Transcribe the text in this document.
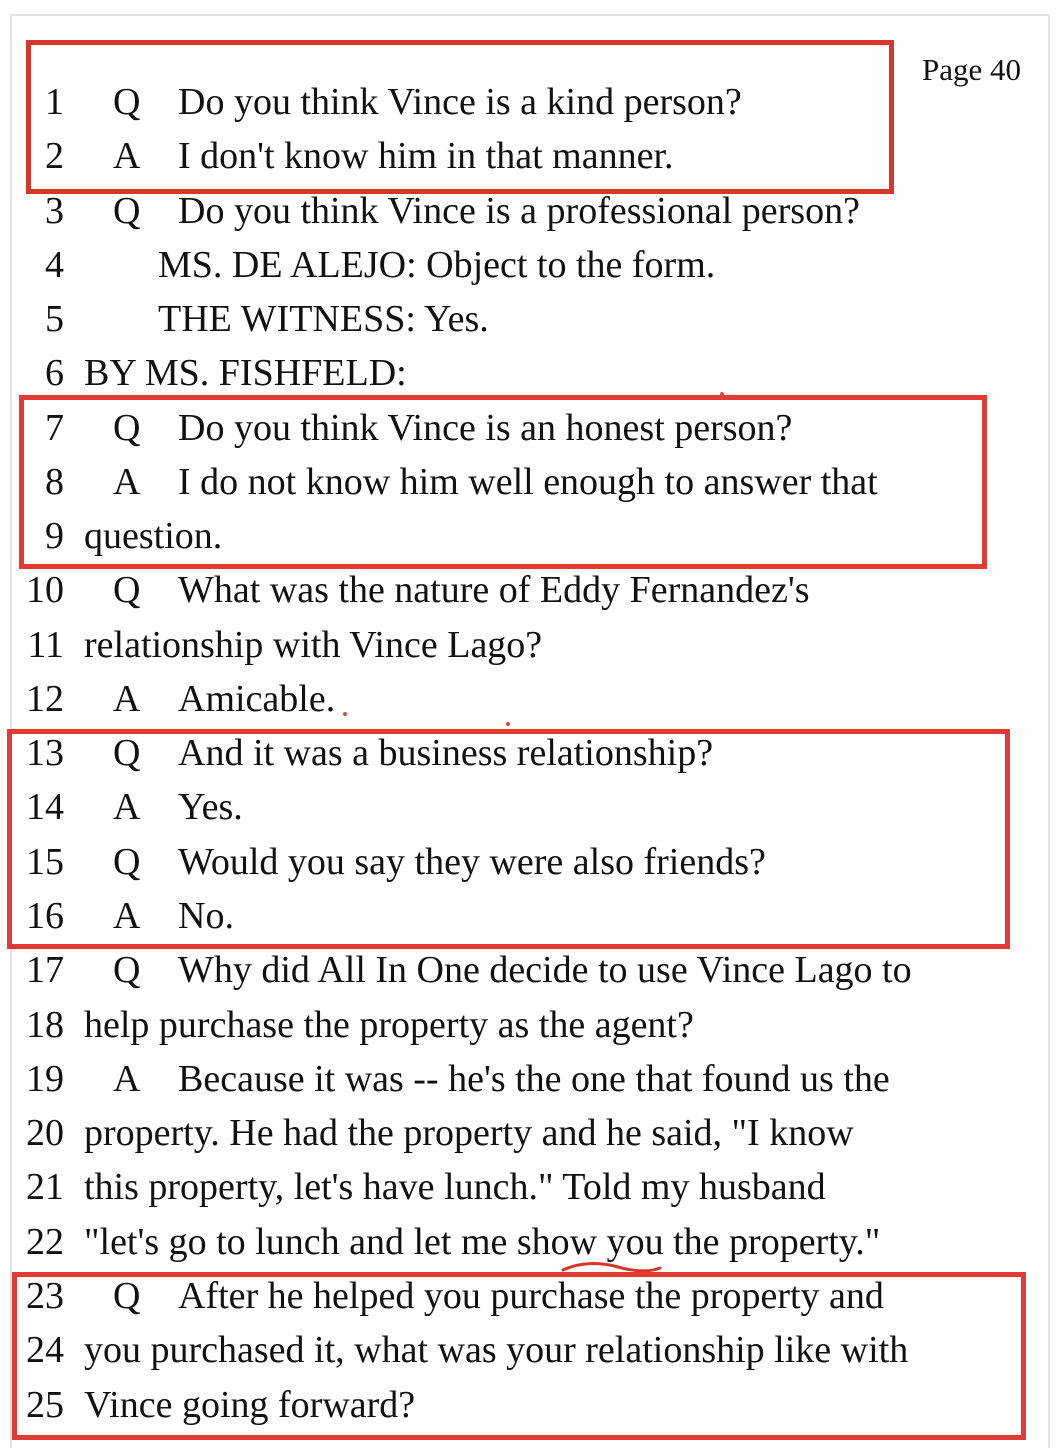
Page 40
1 Q Do you think Vince is a kind person?
2 A I don't know him in that manner.
3 Q Do you think Vince is a professional person?
4 MS. DE ALEJO: Object to the form.
5 THE WITNESS: Yes.
6 BY MS. FISHFELD:
7 Q Do you think Vince is an honest person?
8 A I do not know him well enough to answer that
9 question.
10 Q What was the nature of Eddy Fernandez's
11 relationship with Vince Lago?
12 A Amicable.
13 Q And it was a business relationship?
14 A Yes.
15 Q Would you say they were also friends?
16 A No.
17 Q Why did All In One decide to use Vince Lago to
18 help purchase the property as the agent?
19 A Because it was -- he's the one that found us the
20 property. He had the property and he said, "I know
21 this property, let's have lunch." Told my husband
22 "let's go to lunch and let me show you the property."
23 Q After he helped you purchase the property and
24 you purchased it, what was your relationship like with
25 Vince going forward?
